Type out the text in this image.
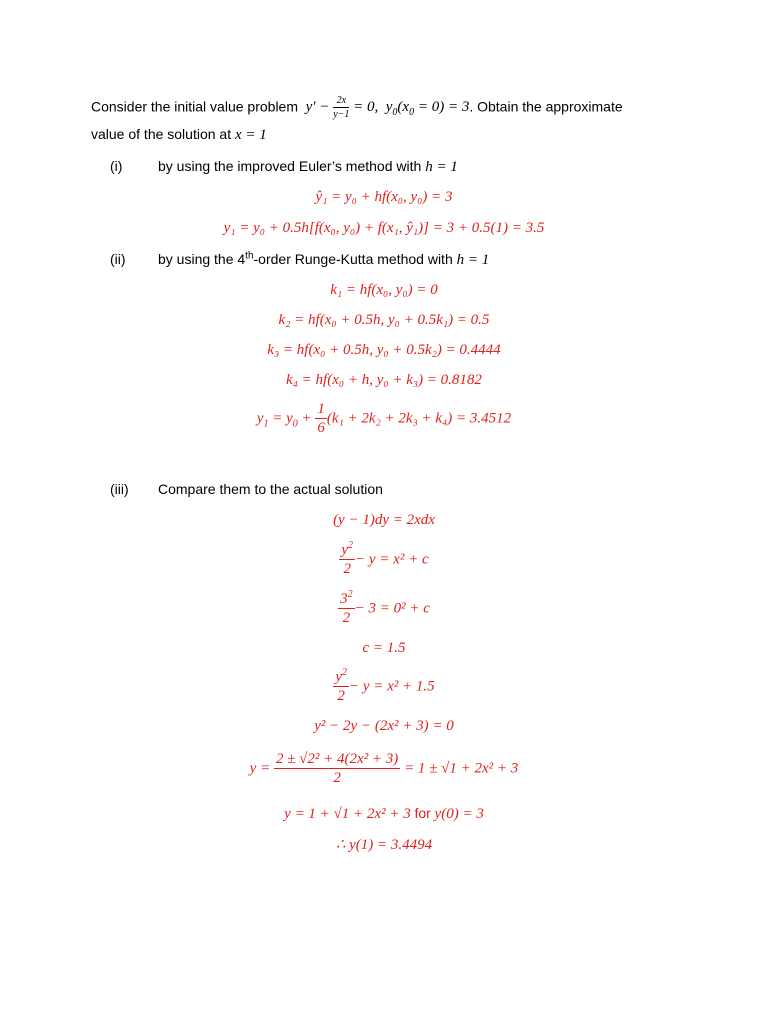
Consider the initial value problem  $y' - \frac{2x}{y-1} = 0$,  $y_0(x_0 = 0) = 3$. Obtain the approximate
value of the solution at x = 1
(i)	by using the improved Euler’s method with h = 1
ŷ₁ = y₀ + hf(x₀, y₀) = 3
y₁ = y₀ + 0.5h[f(x₀, y₀) + f(x₁, ŷ₁)] = 3 + 0.5(1) = 3.5
(ii) by using the 4th-order Runge-Kutta method with h = 1
k₁ = hf(x₀, y₀) = 0
k₂ = hf(x₀ + 0.5h, y₀ + 0.5k₁) = 0.5
k₃ = hf(x₀ + 0.5h, y₀ + 0.5k₂) = 0.4444
k₄ = hf(x₀ + h, y₀ + k₃) = 0.8182
$y_1 = y_0 + \frac{1}{6} (k_1 + 2k_2 + 2k_3 + k_4) = 3.4512$
(iii) Compare them to the actual solution
(y − 1)dy = 2xdx
$\frac{y^2}{2} - y = x^2 + c$
$\frac{3^2}{2} - 3 = 0^2 + c$
c = 1.5
$\frac{y^2}{2} - y = x^2 + 1.5$
y² − 2y − (2x² + 3) = 0
$y = \frac{\text{2 ± √2² + 4(2x² + 3)}}{2} = 1 \pm √1 + 2x^2 + 3$
y = 1 + √1 + 2x² + 3 for y(0) = 3
∴ y(1) = 3.4494
